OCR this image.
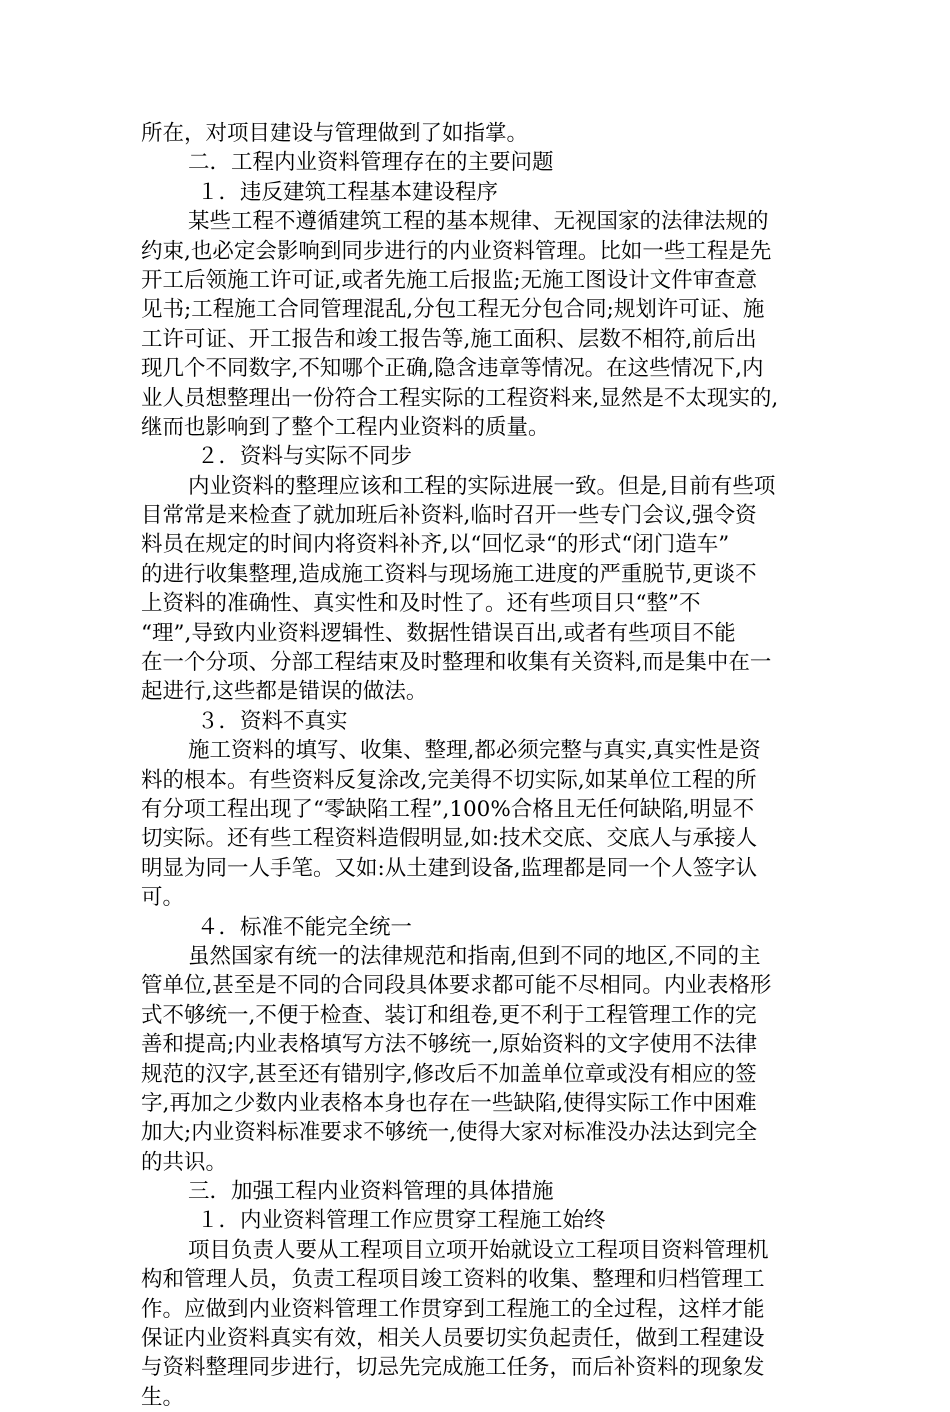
所在，对项目建设与管理做到了如指掌。
二．工程内业资料管理存在的主要问题
１．违反建筑工程基本建设程序
某些工程不遵循建筑工程的基本规律、无视国家的法律法规的
约束,也必定会影响到同步进行的内业资料管理。比如一些工程是先
开工后领施工许可证,或者先施工后报监;无施工图设计文件审查意
见书;工程施工合同管理混乱,分包工程无分包合同;规划许可证、施
工许可证、开工报告和竣工报告等,施工面积、层数不相符,前后出
现几个不同数字,不知哪个正确,隐含违章等情况。在这些情况下,内
业人员想整理出一份符合工程实际的工程资料来,显然是不太现实的,
继而也影响到了整个工程内业资料的质量。
２．资料与实际不同步
内业资料的整理应该和工程的实际进展一致。但是,目前有些项
目常常是来检查了就加班后补资料,临时召开一些专门会议,强令资
料员在规定的时间内将资料补齐,以“回忆录“的形式“闭门造车”
的进行收集整理,造成施工资料与现场施工进度的严重脱节,更谈不
上资料的准确性、真实性和及时性了。还有些项目只“整”不
“理”,导致内业资料逻辑性、数据性错误百出,或者有些项目不能
在一个分项、分部工程结束及时整理和收集有关资料,而是集中在一
起进行,这些都是错误的做法。
３．资料不真实
施工资料的填写、收集、整理,都必须完整与真实,真实性是资
料的根本。有些资料反复涂改,完美得不切实际,如某单位工程的所
有分项工程出现了“零缺陷工程”,100%合格且无任何缺陷,明显不
切实际。还有些工程资料造假明显,如:技术交底、交底人与承接人
明显为同一人手笔。又如:从土建到设备,监理都是同一个人签字认
可。
４．标准不能完全统一
虽然国家有统一的法律规范和指南,但到不同的地区,不同的主
管单位,甚至是不同的合同段具体要求都可能不尽相同。内业表格形
式不够统一,不便于检查、装订和组卷,更不利于工程管理工作的完
善和提高;内业表格填写方法不够统一,原始资料的文字使用不法律
规范的汉字,甚至还有错别字,修改后不加盖单位章或没有相应的签
字,再加之少数内业表格本身也存在一些缺陷,使得实际工作中困难
加大;内业资料标准要求不够统一,使得大家对标准没办法达到完全
的共识。
三．加强工程内业资料管理的具体措施
１．内业资料管理工作应贯穿工程施工始终
项目负责人要从工程项目立项开始就设立工程项目资料管理机
构和管理人员，负责工程项目竣工资料的收集、整理和归档管理工
作。应做到内业资料管理工作贯穿到工程施工的全过程，这样才能
保证内业资料真实有效，相关人员要切实负起责任，做到工程建设
与资料整理同步进行，切忌先完成施工任务，而后补资料的现象发
生。
